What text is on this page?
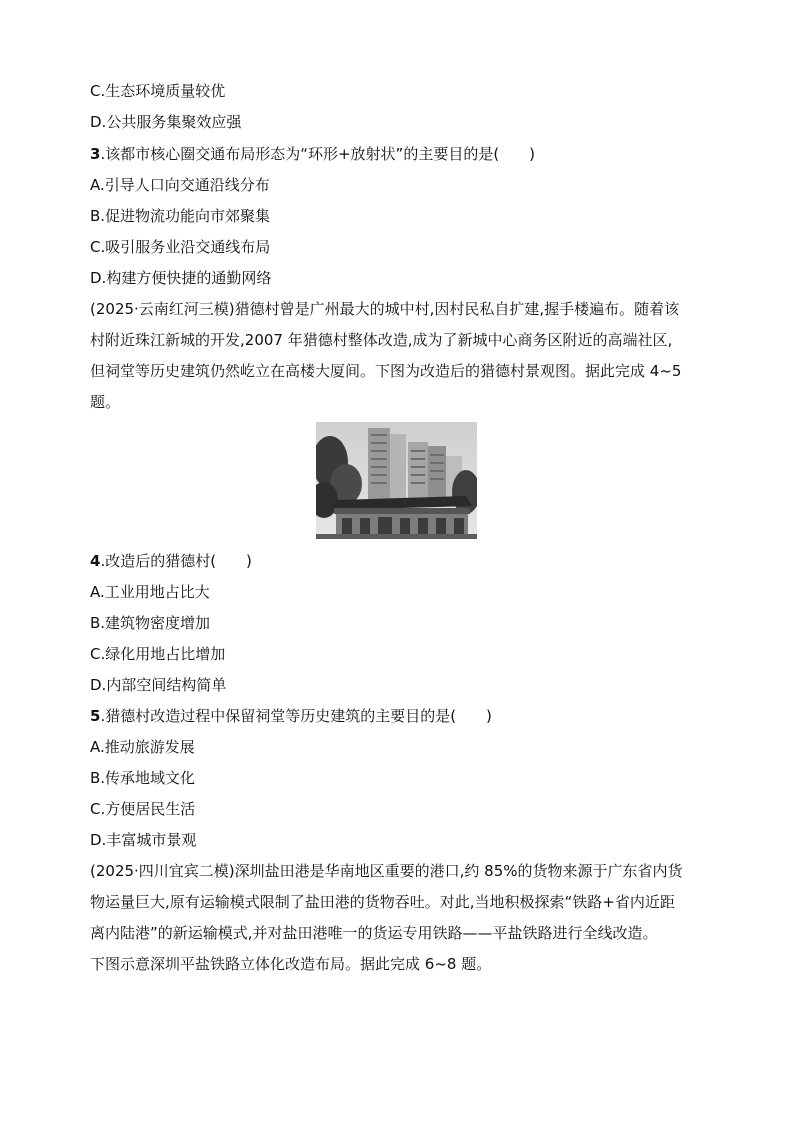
C.生态环境质量较优
D.公共服务集聚效应强
3.该都市核心圈交通布局形态为“环形+放射状”的主要目的是(　　)
A.引导人口向交通沿线分布
B.促进物流功能向市郊聚集
C.吸引服务业沿交通线布局
D.构建方便快捷的通勤网络
(2025·云南红河三模)猎德村曾是广州最大的城中村,因村民私自扩建,握手楼遍布。随着该
村附近珠江新城的开发,2007 年猎德村整体改造,成为了新城中心商务区附近的高端社区,
但祠堂等历史建筑仍然屹立在高楼大厦间。下图为改造后的猎德村景观图。据此完成 4~5
题。
4.改造后的猎德村(　　)
A.工业用地占比大
B.建筑物密度增加
C.绿化用地占比增加
D.内部空间结构简单
5.猎德村改造过程中保留祠堂等历史建筑的主要目的是(　　)
A.推动旅游发展
B.传承地域文化
C.方便居民生活
D.丰富城市景观
(2025·四川宜宾二模)深圳盐田港是华南地区重要的港口,约 85%的货物来源于广东省内货
物运量巨大,原有运输模式限制了盐田港的货物吞吐。对此,当地积极探索“铁路+省内近距
离内陆港”的新运输模式,并对盐田港唯一的货运专用铁路——平盐铁路进行全线改造。
下图示意深圳平盐铁路立体化改造布局。据此完成 6~8 题。
